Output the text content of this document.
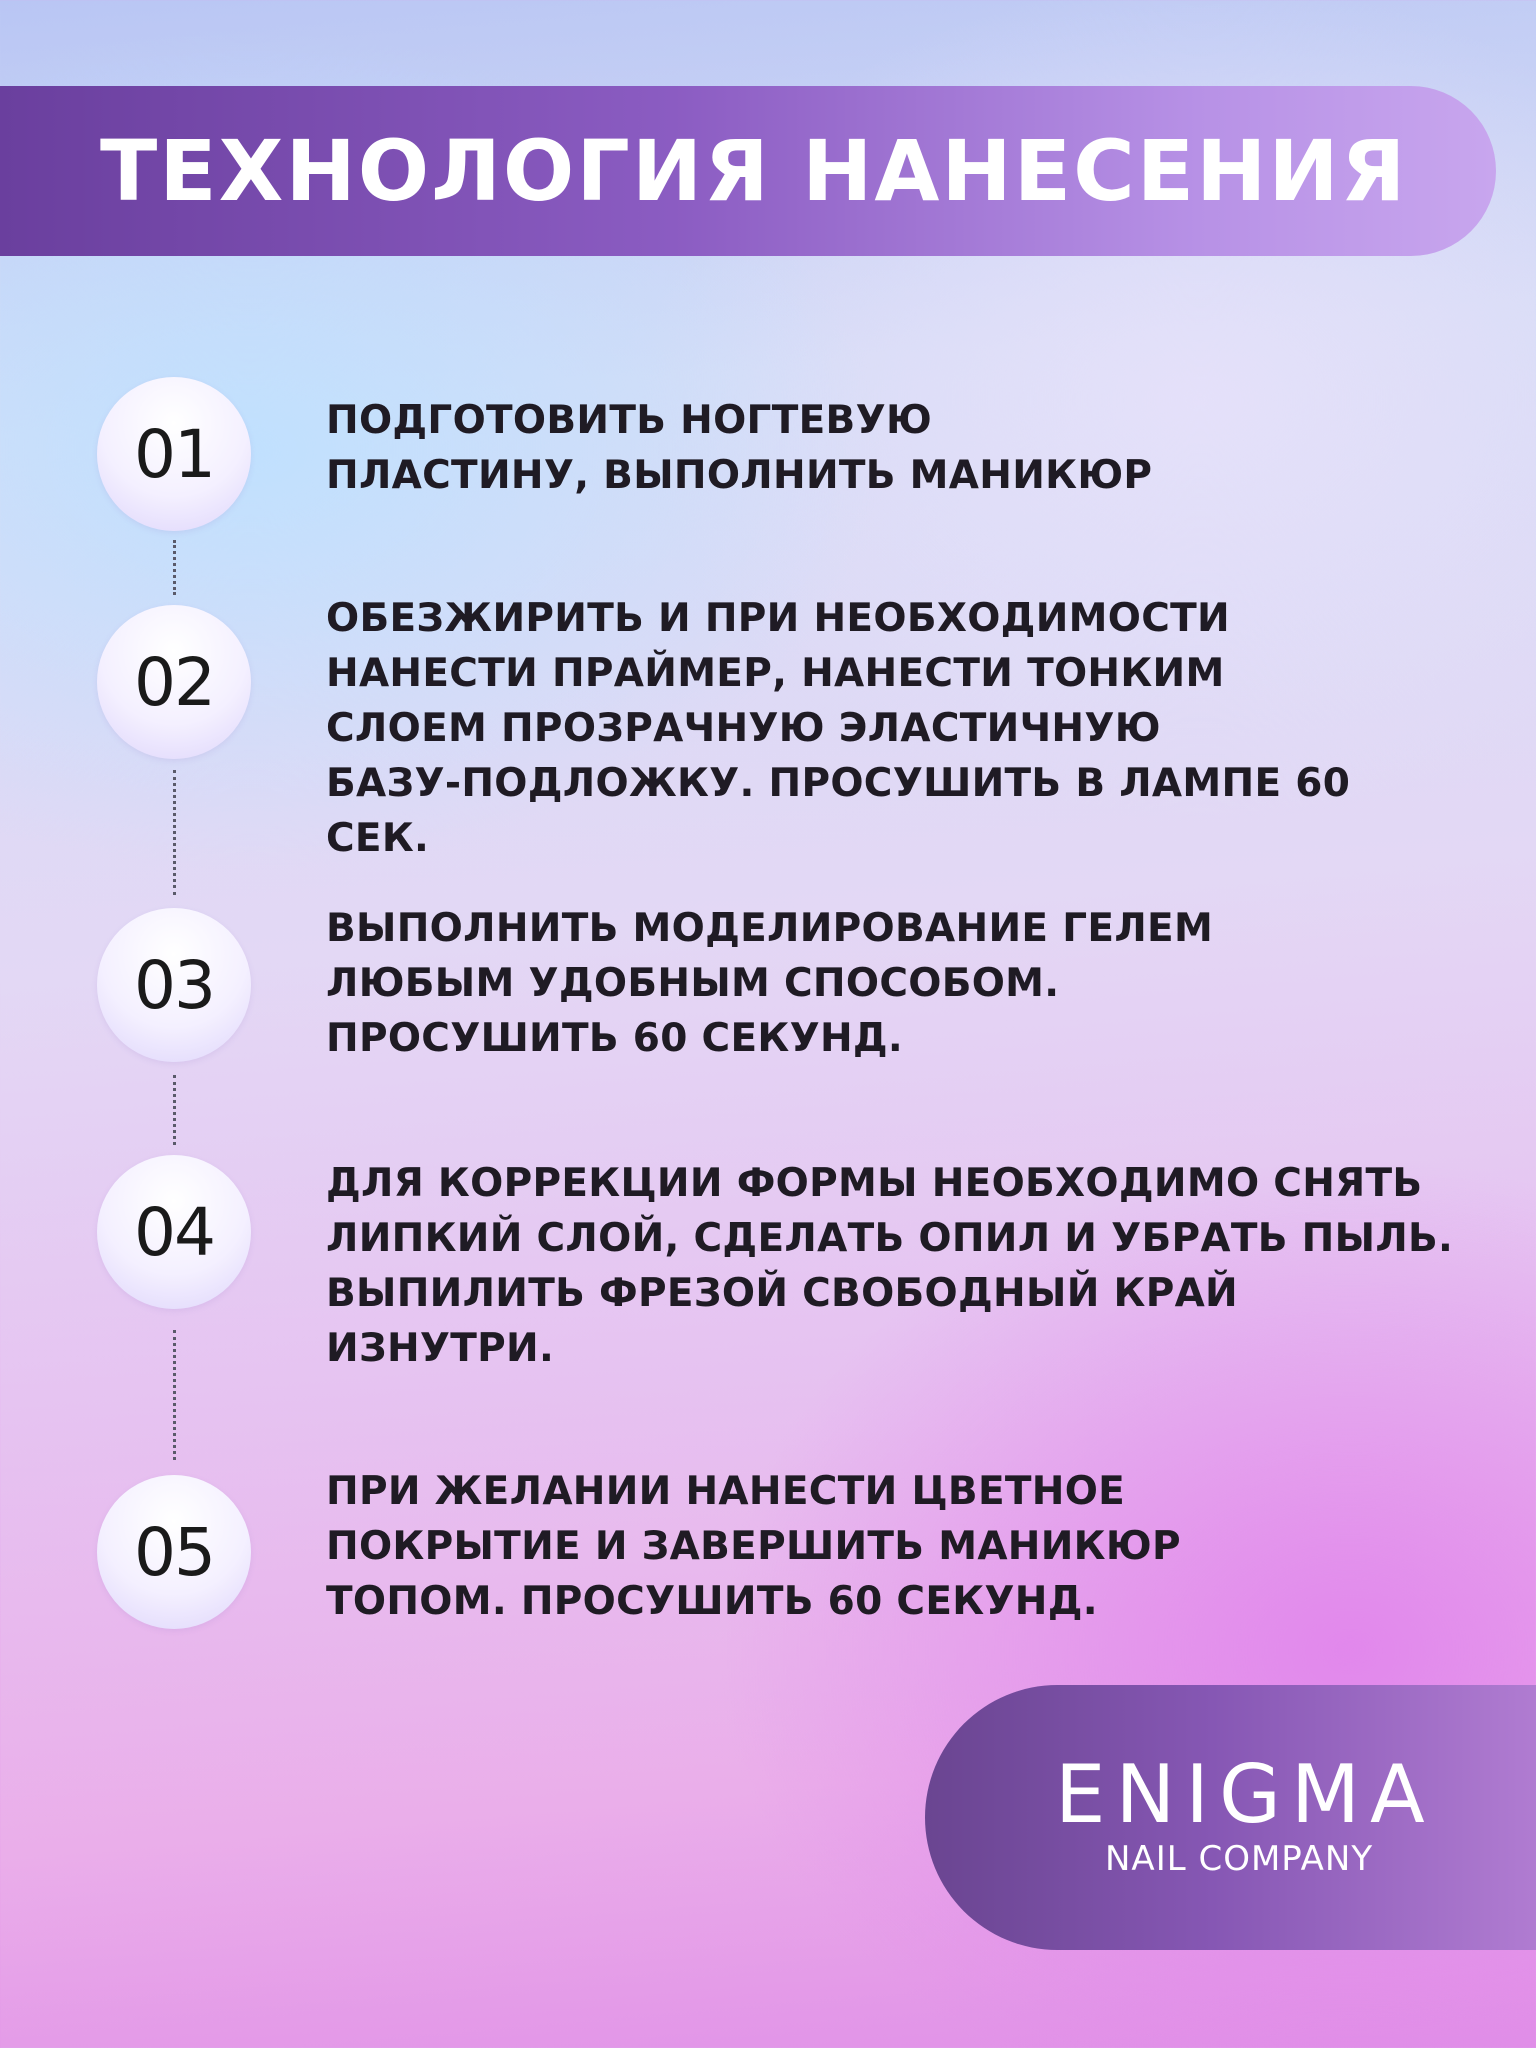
ТЕХНОЛОГИЯ НАНЕСЕНИЯ
01	ПОДГОТОВИТЬ НОГТЕВУЮ
ПЛАСТИНУ, ВЫПОЛНИТЬ МАНИКЮР
02
ОБЕЗЖИРИТЬ И ПРИ НЕОБХОДИМОСТИ
НАНЕСТИ ПРАЙМЕР, НАНЕСТИ ТОНКИМ
СЛОЕМ ПРОЗРАЧНУЮ ЭЛАСТИЧНУЮ
БАЗУ-ПОДЛОЖКУ. ПРОСУШИТЬ В ЛАМПЕ 60 СЕК.
03
ВЫПОЛНИТЬ МОДЕЛИРОВАНИЕ ГЕЛЕМ
ЛЮБЫМ УДОБНЫМ СПОСОБОМ.
ПРОСУШИТЬ 60 СЕКУНД.
04
ДЛЯ КОРРЕКЦИИ ФОРМЫ НЕОБХОДИМО СНЯТЬ
ЛИПКИЙ СЛОЙ, СДЕЛАТЬ ОПИЛ И УБРАТЬ ПЫЛЬ.
ВЫПИЛИТЬ ФРЕЗОЙ СВОБОДНЫЙ КРАЙ
ИЗНУТРИ.
05
ПРИ ЖЕЛАНИИ НАНЕСТИ ЦВЕТНОЕ
ПОКРЫТИЕ И ЗАВЕРШИТЬ МАНИКЮР
ТОПОМ. ПРОСУШИТЬ 60 СЕКУНД.
ENIGMA
NAIL COMPANY
